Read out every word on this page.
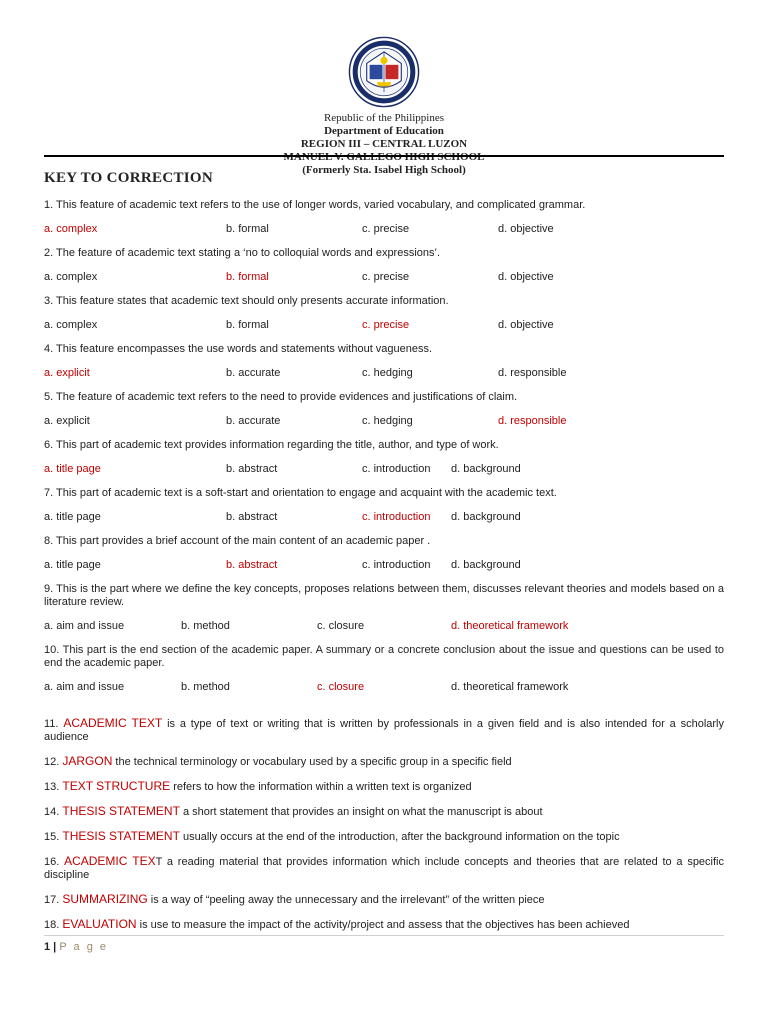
Republic of the Philippines
Department of Education
REGION III – CENTRAL LUZON
MANUEL V. GALLEGO HIGH SCHOOL
(Formerly Sta. Isabel High School)
KEY TO CORRECTION
1. This feature of academic text refers to the use of longer words, varied vocabulary, and complicated grammar.
a. complex	b. formal	c. precise	d. objective
2. The feature of academic text stating a ‘no to colloquial words and expressions’.
a. complex	b. formal	c. precise	d. objective
3. This feature states that academic text should only presents accurate information.
a. complex	b. formal	c. precise	d. objective
4. This feature encompasses the use words and statements without vagueness.
a. explicit	b. accurate	c. hedging	d. responsible
5. The feature of academic text refers to the need to provide evidences and justifications of claim.
a. explicit	b. accurate	c. hedging	d. responsible
6. This part of academic text provides information regarding the title, author, and type of work.
a. title page	b. abstract	c. introduction d. background
7. This part of academic text is a soft-start and orientation to engage and acquaint with the academic text.
a. title page	b. abstract	c. introduction d. background
8. This part provides a brief account of the main content of an academic paper .
a. title page	b. abstract	c. introduction d. background
9. This is the part where we define the key concepts, proposes relations between them, discusses relevant theories and models based on a literature review.
a. aim and issue	b. method	c. closure	d. theoretical framework
10. This part is the end section of the academic paper. A summary or a concrete conclusion about the issue and questions can be used to end the academic paper.
a. aim and issue	b. method	c. closure	d. theoretical framework
11. ACADEMIC TEXT is a type of text or writing that is written by professionals in a given field and is also intended for a scholarly audience
12. JARGON the technical terminology or vocabulary used by a specific group in a specific field
13. TEXT STRUCTURE refers to how the information within a written text is organized
14. THESIS STATEMENT a short statement that provides an insight on what the manuscript is about
15. THESIS STATEMENT usually occurs at the end of the introduction, after the background information on the topic
16. ACADEMIC TEXT a reading material that provides information which include concepts and theories that are related to a specific discipline
17. SUMMARIZING is a way of “peeling away the unnecessary and the irrelevant” of the written piece
18. EVALUATION is use to measure the impact of the activity/project and assess that the objectives has been achieved
1 | P a g e
